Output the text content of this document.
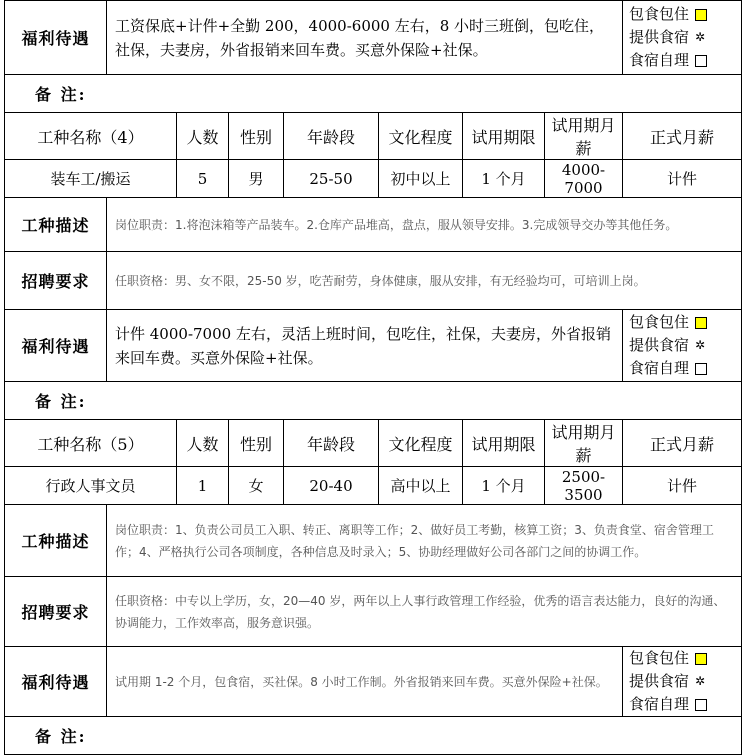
福利待遇	工资保底+计件+全勤 200，4000-6000 左右，8 小时三班倒，包吃住，社保，夫妻房，外省报销来回车费。买意外保险+社保。							包食包住
提供食宿 ✲
食宿自理

备 注:								
工种名称（4）		人数	性别	年龄段	文化程度	试用期限	试用期月薪	正式月薪
装车工/搬运		5	男	25-50	初中以上	1 个月	4000-7000	计件
工种描述	岗位职责：1.将泡沫箱等产品装车。2.仓库产品堆高，盘点，服从领导安排。3.完成领导交办等其他任务。							
招聘要求	任职资格：男、女不限，25-50 岁，吃苦耐劳，身体健康，服从安排，有无经验均可，可培训上岗。							
福利待遇	计件 4000-7000 左右，灵活上班时间，包吃住，社保，夫妻房，外省报销来回车费。买意外保险+社保。							包食包住
提供食宿 ✲
食宿自理

备 注:								
工种名称（5）		人数	性别	年龄段	文化程度	试用期限	试用期月薪	正式月薪
行政人事文员		1	女	20-40	高中以上	1 个月	2500-3500	计件
工种描述	岗位职责：1、负责公司员工入职、转正、离职等工作；2、做好员工考勤，核算工资；3、负责食堂、宿舍管理工作；4、严格执行公司各项制度，各种信息及时录入；5、协助经理做好公司各部门之间的协调工作。							
招聘要求	任职资格：中专以上学历，女，20—40 岁，两年以上人事行政管理工作经验，优秀的语言表达能力，良好的沟通、协调能力，工作效率高，服务意识强。							
福利待遇	试用期 1-2 个月，包食宿，买社保。8 小时工作制。外省报销来回车费。买意外保险+社保。							包食包住
提供食宿 ✲
食宿自理

备 注:								
